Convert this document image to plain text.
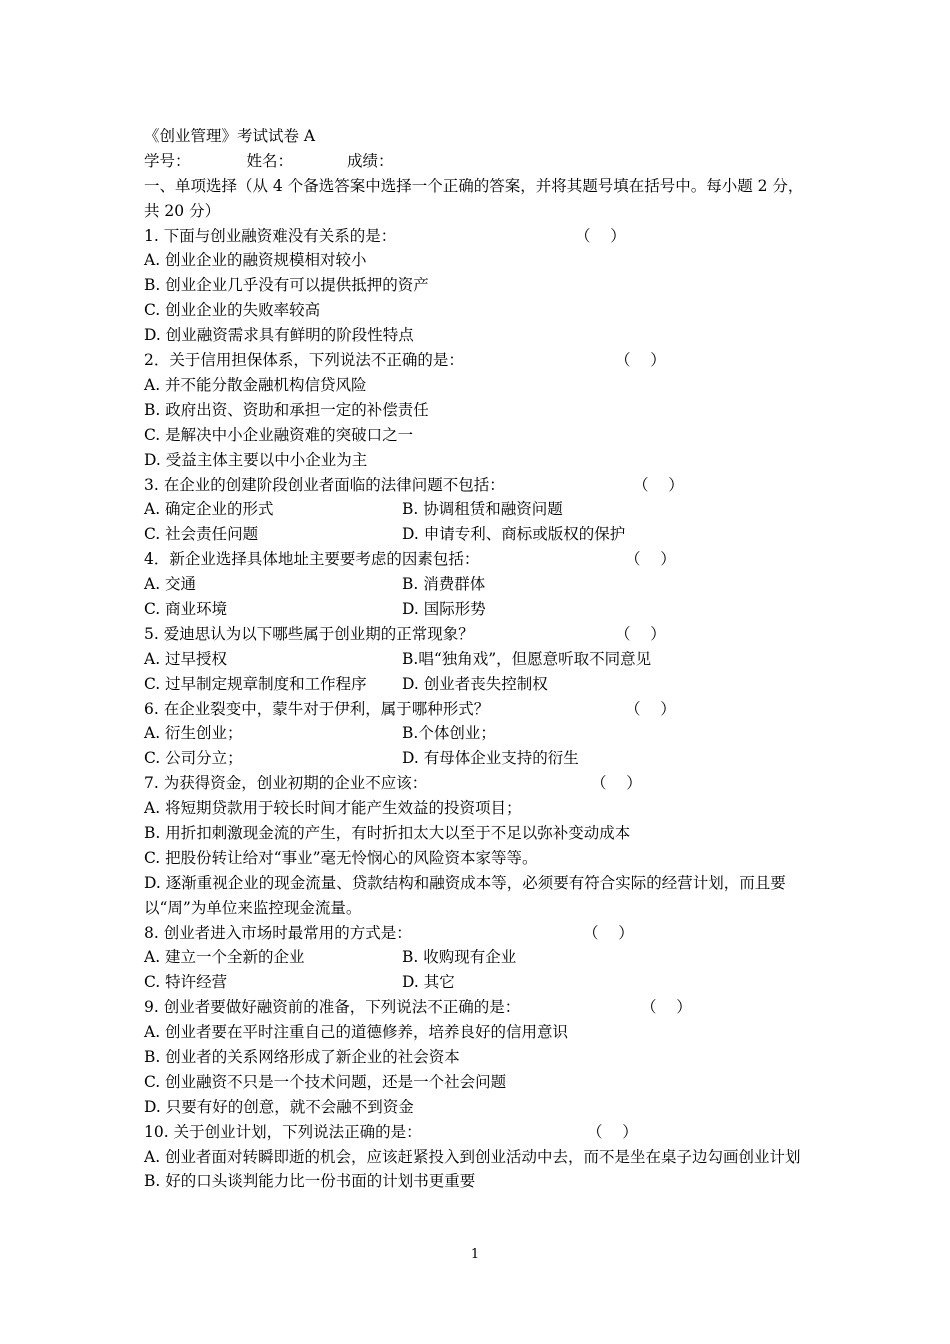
《创业管理》考试试卷 A
学号：	姓名：	成绩：
一、单项选择（从 4 个备选答案中选择一个正确的答案，并将其题号填在括号中。每小题 2 分，共 20 分）
1. 下面与创业融资难没有关系的是：	（    ）
A. 创业企业的融资规模相对较小
B. 创业企业几乎没有可以提供抵押的资产
C. 创业企业的失败率较高
D. 创业融资需求具有鲜明的阶段性特点
2．关于信用担保体系，下列说法不正确的是：	（    ）
A. 并不能分散金融机构信贷风险
B. 政府出资、资助和承担一定的补偿责任
C. 是解决中小企业融资难的突破口之一
D. 受益主体主要以中小企业为主
3. 在企业的创建阶段创业者面临的法律问题不包括：	（    ）
A. 确定企业的形式	B. 协调租赁和融资问题
C. 社会责任问题	D. 申请专利、商标或版权的保护
4．新企业选择具体地址主要要考虑的因素包括：	（    ）
A. 交通	B. 消费群体
C. 商业环境	D. 国际形势
5. 爱迪思认为以下哪些属于创业期的正常现象？	（    ）
A. 过早授权	B.唱“独角戏”，但愿意听取不同意见
C. 过早制定规章制度和工作程序 D. 创业者丧失控制权
6. 在企业裂变中，蒙牛对于伊利，属于哪种形式？	（    ）
A. 衍生创业；	B.个体创业；
C. 公司分立；	D. 有母体企业支持的衍生
7. 为获得资金，创业初期的企业不应该：	（    ）
A. 将短期贷款用于较长时间才能产生效益的投资项目；
B. 用折扣刺激现金流的产生，有时折扣太大以至于不足以弥补变动成本
C. 把股份转让给对“事业”毫无怜悯心的风险资本家等等。
D. 逐渐重视企业的现金流量、贷款结构和融资成本等，必须要有符合实际的经营计划，而且要以“周”为单位来监控现金流量。
8. 创业者进入市场时最常用的方式是：	（    ）
A. 建立一个全新的企业	B. 收购现有企业
C. 特许经营	D. 其它
9. 创业者要做好融资前的准备，下列说法不正确的是：	（    ）
A. 创业者要在平时注重自己的道德修养，培养良好的信用意识
B. 创业者的关系网络形成了新企业的社会资本
C. 创业融资不只是一个技术问题，还是一个社会问题
D. 只要有好的创意，就不会融不到资金
10. 关于创业计划，下列说法正确的是：	（    ）
A. 创业者面对转瞬即逝的机会，应该赶紧投入到创业活动中去，而不是坐在桌子边勾画创业计划
B. 好的口头谈判能力比一份书面的计划书更重要
1
